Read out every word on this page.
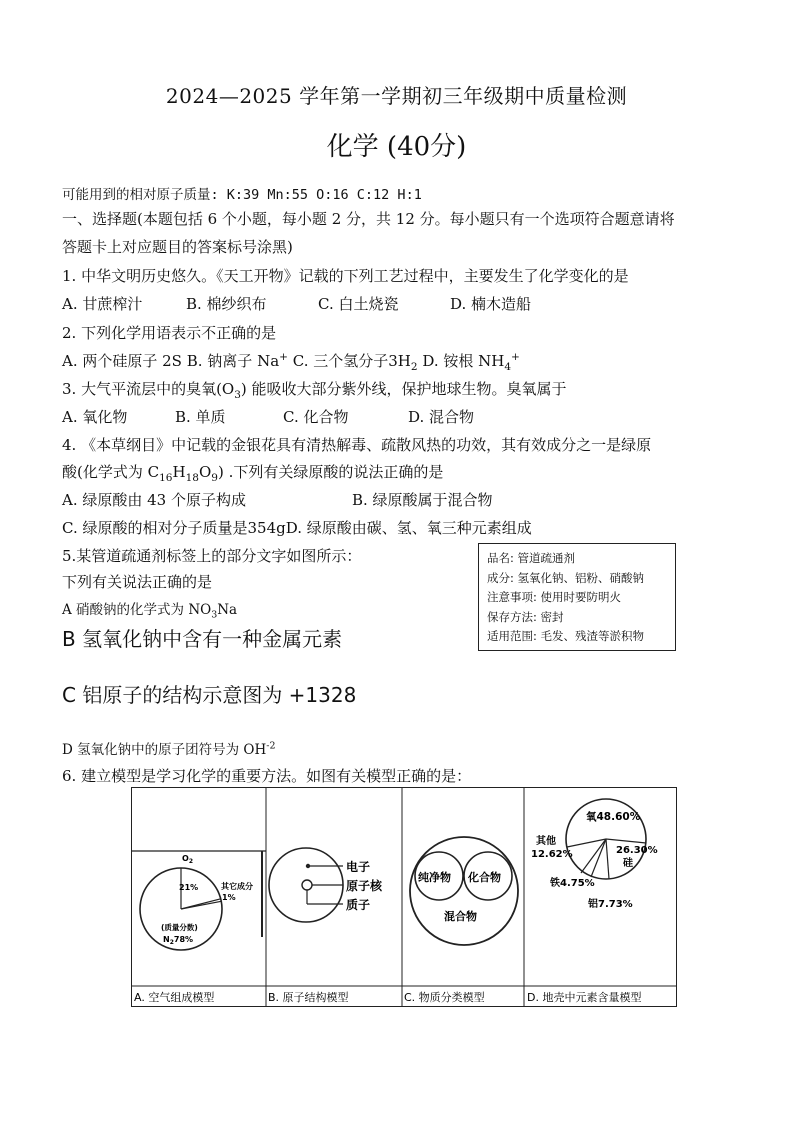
2024—2025 学年第一学期初三年级期中质量检测
化学 (40分)
可能用到的相对原子质量: K:39 Mn:55 O:16 C:12 H:1
一、选择题(本题包括 6 个小题，每小题 2 分，共 12 分。每小题只有一个选项符合题意请将
答题卡上对应题目的答案标号涂黑)
1. 中华文明历史悠久。《天工开物》记载的下列工艺过程中，主要发生了化学变化的是
A. 甘蔗榨汁	B. 棉纱织布	C. 白土烧瓷	D. 楠木造船
2. 下列化学用语表示不正确的是
A. 两个硅原子 2S B. 钠离子 Na+ C. 三个氢分子$3H_2$ D. 铵根 $NH_4^+$
3. 大气平流层中的臭氧$(O_3)$ 能吸收大部分紫外线，保护地球生物。臭氧属于
A. 氧化物	B. 单质	C. 化合物	D. 混合物
4. 《本草纲目》中记载的金银花具有清热解毒、疏散风热的功效，其有效成分之一是绿原
酸(化学式为 $C_{16}H_{18}O_9$) .下列有关绿原酸的说法正确的是
A. 绿原酸由 43 个原子构成	B. 绿原酸属于混合物
C. 绿原酸的相对分子质量是354gD. 绿原酸由碳、氢、氧三种元素组成
5.某管道疏通剂标签上的部分文字如图所示：
下列有关说法正确的是
A 硝酸钠的化学式为 $NO_3Na$
B 氢氧化钠中含有一种金属元素
C 铝原子的结构示意图为 +1328
D 氢氧化钠中的原子团符号为 $OH^{-2}$
品名: 管道疏通剂
成分: 氢氧化钠、铝粉、硝酸钠
注意事项: 使用时要防明火
保存方法: 密封
适用范围: 毛发、残渣等淤积物
6. 建立模型是学习化学的重要方法。如图有关模型正确的是：
$O_2$
21%	其它成分
1%
(质量分数)
$N_278\%$
A. 空气组成模型
电子
原子核
质子
B. 原子结构模型
纯净物 化合物
混合物
C. 物质分类模型
氧48.60%
其他
12.62%	26.30%
硅
铁4.75%
铝7.73%
D. 地壳中元素含量模型
